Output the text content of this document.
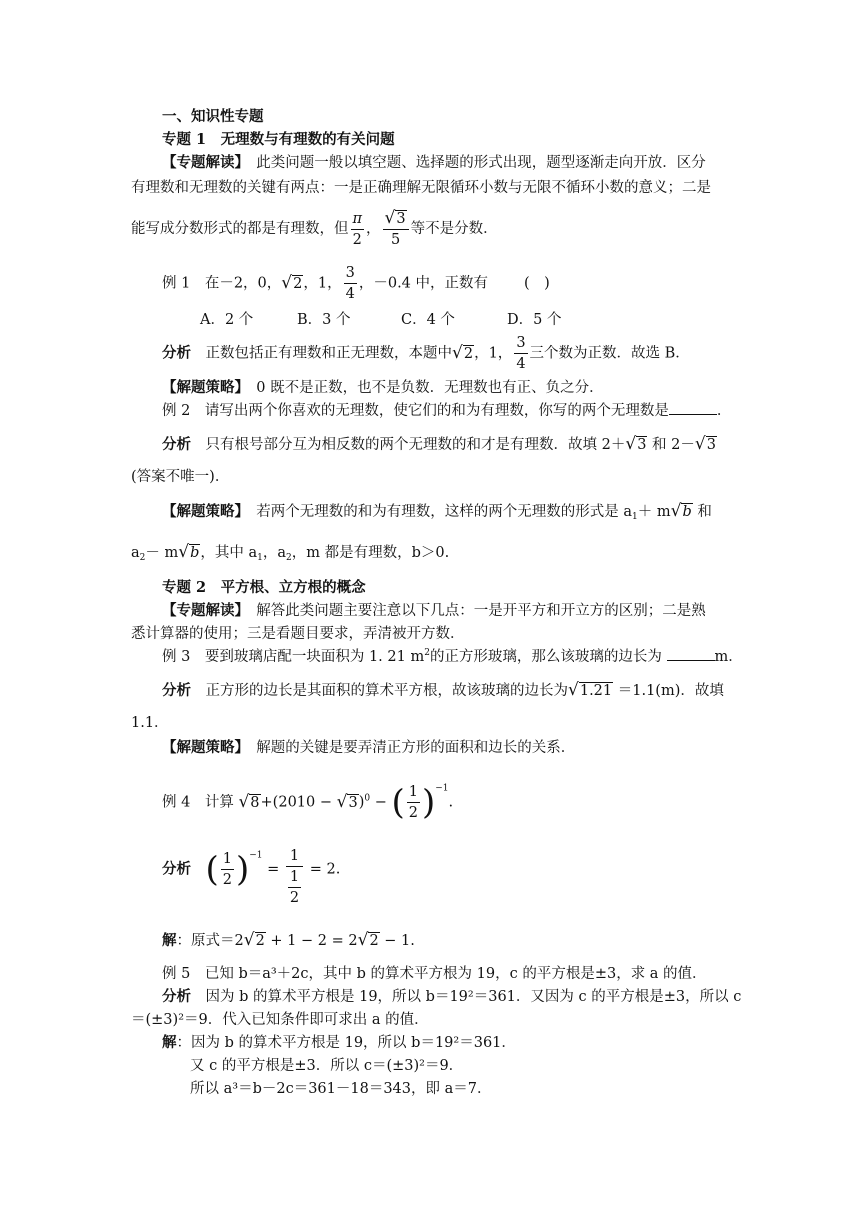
一、知识性专题
专题 1　无理数与有理数的有关问题
【专题解读】　此类问题一般以填空题、选择题的形式出现，题型逐渐走向开放．区分
有理数和无理数的关键有两点：一是正确理解无限循环小数与无限不循环小数的意义；二是
能写成分数形式的都是有理数，但 $\frac{\pi}{2}$ ， $\frac{√3}{5}$ 等不是分数．
例 1　在－2，0，√2，1， $\frac{3}{4}$ ，－0.4 中，正数有 (　)
A．2 个	B．3 个	C．4 个	D．5 个
分析　正数包括正有理数和正无理数，本题中√2，1， $\frac{3}{4}$ 三个数为正数．故选 B．
【解题策略】　0 既不是正数，也不是负数．无理数也有正、负之分．
例 2　请写出两个你喜欢的无理数，使它们的和为有理数，你写的两个无理数是	．
分析　只有根号部分互为相反数的两个无理数的和才是有理数．故填 2＋√3 和 2－√3
(答案不唯一)．
【解题策略】　若两个无理数的和为有理数，这样的两个无理数的形式是 $a_1+ m√b$ 和
$a_2- m√b$，其中 $a_1$，$a_2$，m 都是有理数，b＞0.
专题 2　平方根、立方根的概念
【专题解读】　解答此类问题主要注意以下几点：一是开平方和开立方的区别；二是熟
悉计算器的使用；三是看题目要求，弄清被开方数．
例 3　要到玻璃店配一块面积为 1. 21 $m^2$的正方形玻璃，那么该玻璃的边长为	m．
分析　正方形的边长是其面积的算术平方根，故该玻璃的边长为√1.21 ＝1.1(m)．故填
1.1．
【解题策略】　解题的关键是要弄清正方形的面积和边长的关系．
例 4　计算 $√8+(2010 - √3)^0$ − ( $\frac{1}{2} )^{-1}$.
分析　 ( $\frac{1}{2} )^{-1} = \frac{1}{\frac{1}{2}} = 2$.
解：原式＝2√2 + 1 − 2 = 2√2 − 1.
例 5　已知 b＝a³＋2c，其中 b 的算术平方根为 19，c 的平方根是±3，求 a 的值．
分析　因为 b 的算术平方根是 19，所以 b＝19²＝361．又因为 c 的平方根是±3，所以 c
＝(±3)²＝9．代入已知条件即可求出 a 的值．
解：因为 b 的算术平方根是 19，所以 b＝19²＝361．
又 c 的平方根是±3．所以 c＝(±3)²＝9．
所以 a³＝b－2c＝361－18＝343，即 a＝7．
